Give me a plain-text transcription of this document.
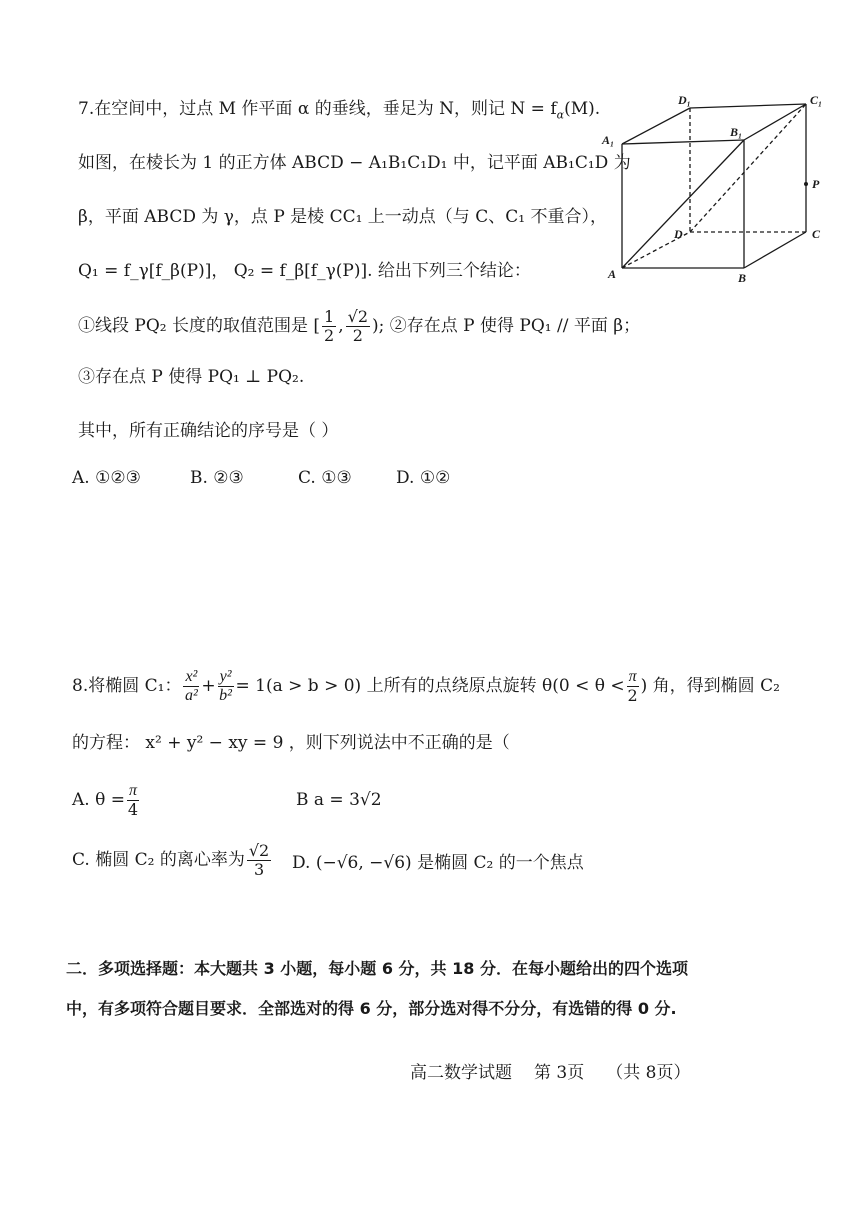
7.在空间中，过点 M 作平面 α 的垂线，垂足为 N，则记 $N = f_\alpha(M)$.
如图，在棱长为 1 的正方体 ABCD − A₁B₁C₁D₁ 中，记平面 AB₁C₁D 为
β，平面 ABCD 为 γ，点 P 是棱 CC₁ 上一动点（与 C、C₁ 不重合），
Q₁ = f_γ[f_β(P)]， Q₂ = f_β[f_γ(P)]. 给出下列三个结论：
①线段 PQ₂ 长度的取值范围是 [ $\frac{1}{2}$ , $\frac{√2}{2}$ ); ②存在点 P 使得 PQ₁ // 平面 β；
③存在点 P 使得 PQ₁ ⊥ PQ₂.
其中，所有正确结论的序号是（ ）
A. ①②③	B. ②③	C. ①③	D. ①②
D₁	C₁
A₁
B₁
P
D	C
A	B
8.将椭圆 C₁： $\frac{\text{x²}}{\text{a²}} + \frac{\text{y²}}{\text{b²}} = 1(a > b > 0)$ 上所有的点绕原点旋转 $\theta(0 < \theta < \frac{\pi}{2}$ ) 角，得到椭圆 C₂
的方程： x² + y² − xy = 9 ，则下列说法中不正确的是（
A. $\theta = \frac{\pi}{4}$	B a = 3√2
C. 椭圆 C₂ 的离心率为 $\frac{√2}{3} D$. (−√6, −√6) 是椭圆 C₂ 的一个焦点
二．多项选择题：本大题共 3 小题，每小题 6 分，共 18 分．在每小题给出的四个选项
中，有多项符合题目要求．全部选对的得 6 分，部分选对得不分分，有选错的得 0 分.
高二数学试题 第 3页 （共 8页）
